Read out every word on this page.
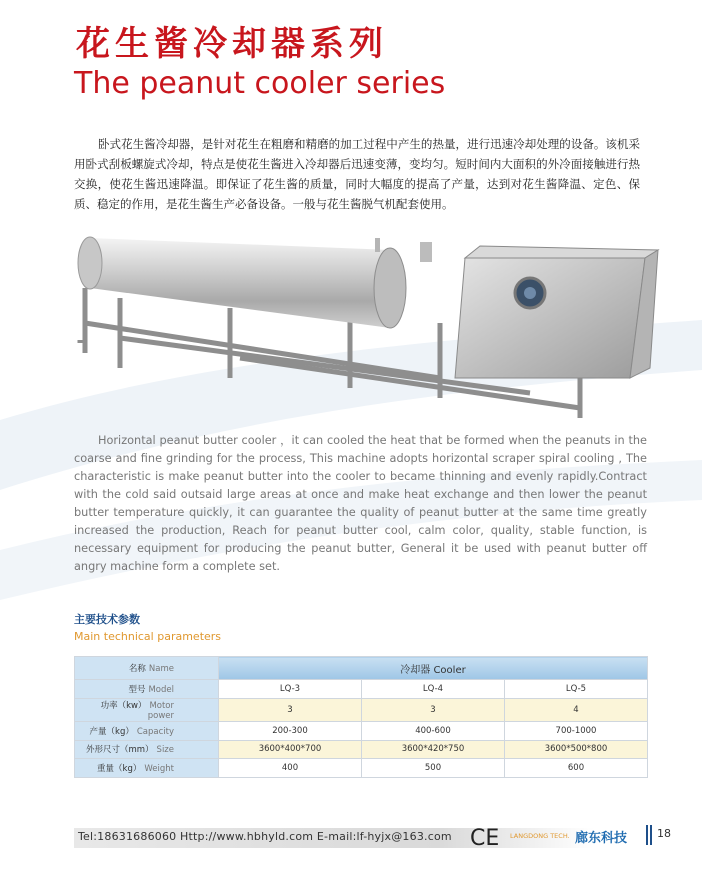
花生酱冷却器系列
The peanut cooler series

卧式花生酱冷却器，是针对花生在粗磨和精磨的加工过程中产生的热量，进行迅速冷却处理的设备。该机采用卧式刮板螺旋式冷却，特点是使花生酱进入冷却器后迅速变薄，变均匀。短时间内大面积的外冷面接触进行热交换，使花生酱迅速降温。即保证了花生酱的质量，同时大幅度的提高了产量，达到对花生酱降温、定色、保质、稳定的作用，是花生酱生产必备设备。一般与花生酱脱气机配套使用。

Horizontal peanut butter cooler ，it can cooled the heat that be formed when the peanuts in the coarse and fine grinding for the process, This machine adopts horizontal scraper spiral cooling , The characteristic is make peanut butter into the cooler to became thinning and evenly rapidly.Contract with the cold said outsaid large areas at once and make heat exchange and then lower the peanut butter temperature quickly, it can guarantee the quality of peanut butter at the same time greatly increased the production, Reach for peanut butter cool, calm color, quality, stable function, is necessary equipment for producing the peanut butter, General it be used with peanut butter off angry machine form a complete set.

主要技术参数
Main technical parameters
名称 Name	冷却器 Cooler		
型号 Model	LQ-3	LQ-4	LQ-5
功率（kw） Motor power	3	3	4
产量（kg） Capacity	200-300	400-600	700-1000
外形尺寸（mm） Size	3600*400*700	3600*420*750	3600*500*800
重量（kg） Weight	400	500	600
Tel:18631686060 Http://www.hbhyld.com E-mail:lf-hyjx@163.com CE LANGDONG TECH. 廊东科技	18
